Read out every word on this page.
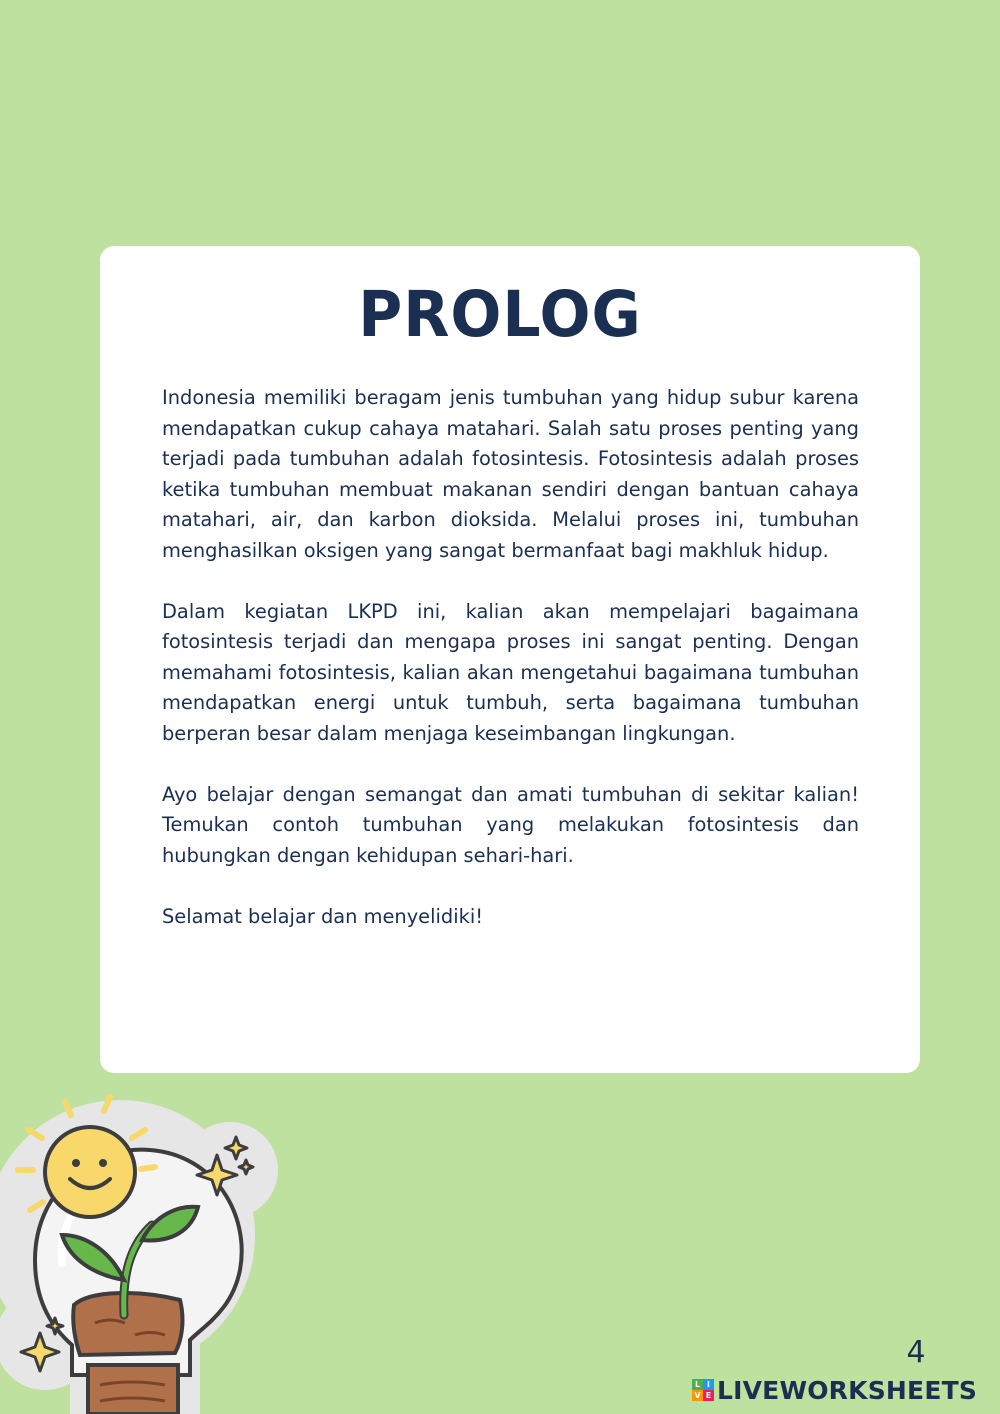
PROLOG

Indonesia memiliki beragam jenis tumbuhan yang hidup subur karena mendapatkan cukup cahaya matahari. Salah satu proses penting yang terjadi pada tumbuhan adalah fotosintesis. Fotosintesis adalah proses ketika tumbuhan membuat makanan sendiri dengan bantuan cahaya matahari, air, dan karbon dioksida. Melalui proses ini, tumbuhan menghasilkan oksigen yang sangat bermanfaat bagi makhluk hidup.

Dalam kegiatan LKPD ini, kalian akan mempelajari bagaimana fotosintesis terjadi dan mengapa proses ini sangat penting. Dengan memahami fotosintesis, kalian akan mengetahui bagaimana tumbuhan mendapatkan energi untuk tumbuh, serta bagaimana tumbuhan berperan besar dalam menjaga keseimbangan lingkungan.

Ayo belajar dengan semangat dan amati tumbuhan di sekitar kalian! Temukan contoh tumbuhan yang melakukan fotosintesis dan hubungkan dengan kehidupan sehari-hari.

Selamat belajar dan menyelidiki!

4
L I
V E LIVEWORKSHEETS
